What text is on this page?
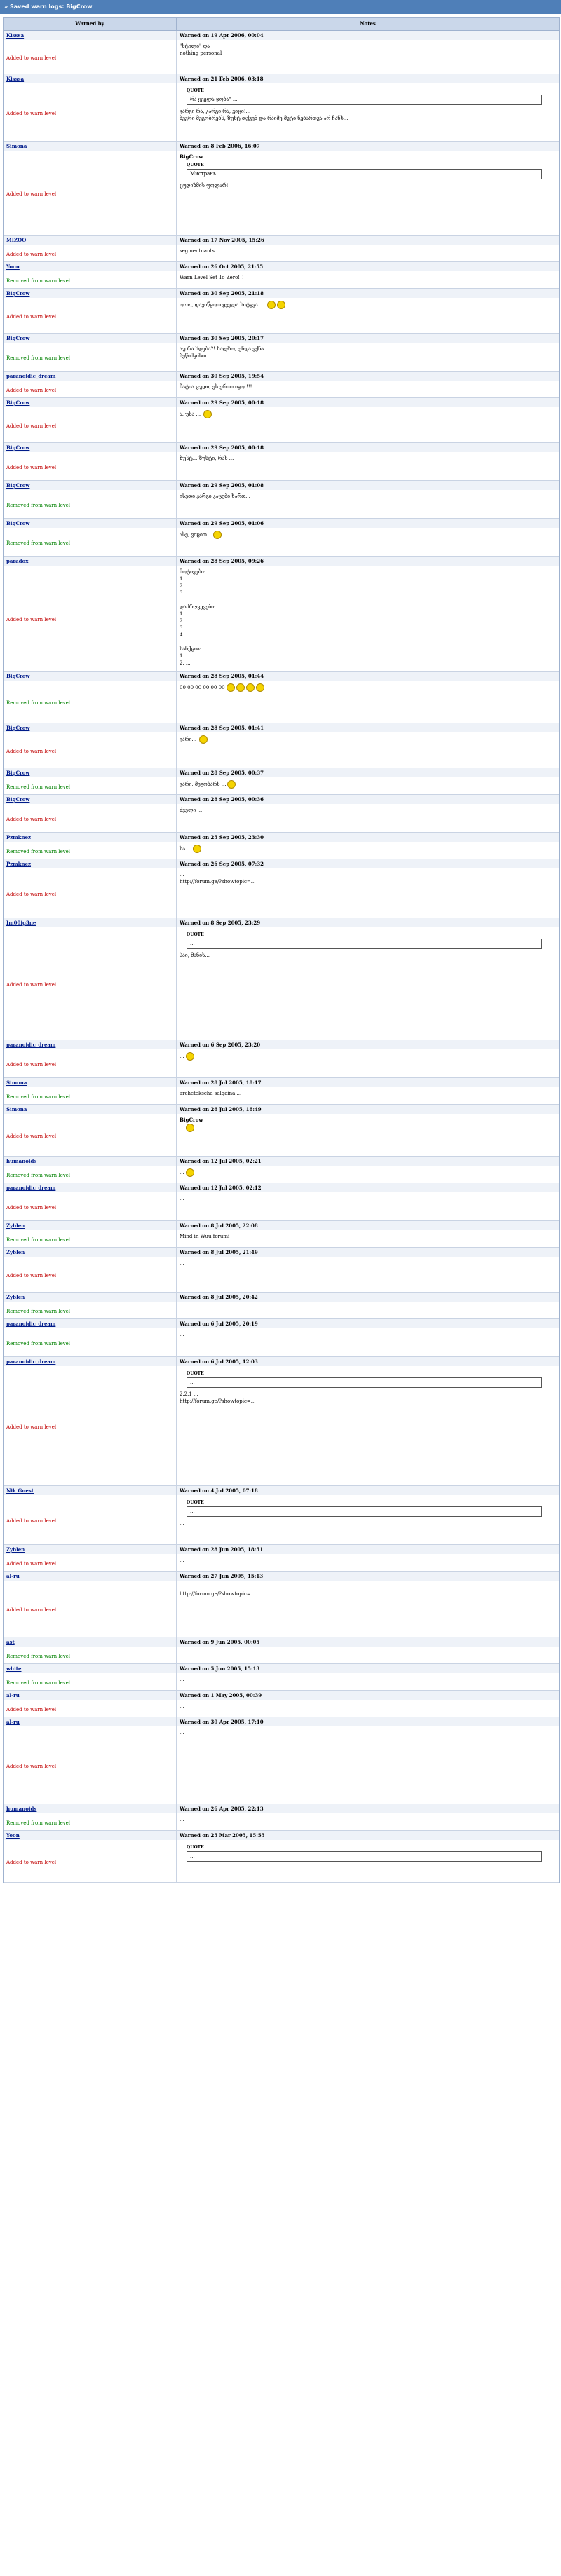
» Saved warn logs: BigCrow
Warned by	Notes
Kisssa	Warned on 19 Apr 2006, 00:04
Added to warn level
"სტილი" და
nothing personal
Kisssa	Warned on 21 Feb 2006, 03:18
Added to warn level
QUOTE
რა ყველა ჯობა" ...
კარგი რა, კარგი რა, ვიცი!...
ბევრი მეგობრებს, ზუსტ თქვენ და რაიმე მეტი ნებართვა არ ჩანს...
Simona	Warned on 8 Feb 2006, 16:07
Added to warn level
BigCrow
QUOTE
Мистрань ...
ცუდიზმის ფოლარ!
MIZOO	Warned on 17 Nov 2005, 15:26
Added to warn level
segmentnants
Yoon	Warned on 26 Oct 2005, 21:55
Removed from warn level
Warn Level Set To Zero!!!
BigCrow	Warned on 30 Sep 2005, 21:18
Added to warn level
ოოო, დავიწყოთ ყველა სიტყვა ...
BigCrow	Warned on 30 Sep 2005, 20:17
Removed from warn level
აუ რა ხდება?! ხალხო, უნდა ვქნა ...
ბეწიმკისთ...
paranoidic_dream	Warned on 30 Sep 2005, 19:54
Added to warn level
ჩატია ცუდი, ეს ერთი იყო !!!
BigCrow	Warned on 29 Sep 2005, 00:18
Added to warn level
ა. უსა ...
BigCrow	Warned on 29 Sep 2005, 00:18
Added to warn level
ზუსტ... ზუსტი, რას ...
BigCrow	Warned on 29 Sep 2005, 01:08
Removed from warn level
ისეთი კარგი კაცები ხართ...
BigCrow	Warned on 29 Sep 2005, 01:06
Removed from warn level
ასე, ვიცით...
paradox	Warned on 28 Sep 2005, 09:26
Added to warn level
მოტივები:
1. ...
2. ...
3. ...

დამრღვევები:
1. ...
2. ...
3. ...
4. ...

სანქცია:
1. ...
2. ...
BigCrow	Warned on 28 Sep 2005, 01:44
Removed from warn level
00 00 00 00 00 00
BigCrow	Warned on 28 Sep 2005, 01:41
Added to warn level
ვარი...
BigCrow	Warned on 28 Sep 2005, 00:37
Removed from warn level	ვარი, მეგობარს ...
BigCrow	Warned on 28 Sep 2005, 00:36
Added to warn level
ძველი ...
Pzmknez	Warned on 25 Sep 2005, 23:30
Removed from warn level	სა ...
Pzmknez	Warned on 26 Sep 2005, 07:32
Added to warn level
...
http://forum.ge/?showtopic=...
Im00ig3ne	Warned on 8 Sep 2005, 23:29
Added to warn level
QUOTE
...
ჰაი, მანის...
paranoidic_dream	Warned on 6 Sep 2005, 23:20
Added to warn level
...
Simona	Warned on 28 Jul 2005, 18:17
Removed from warn level
archetekscha salgaina ...
Simona	Warned on 26 Jul 2005, 16:49
Added to warn level
BigCrow
...
humanoids	Warned on 12 Jul 2005, 02:21
Removed from warn level	...
paranoidic_dream	Warned on 12 Jul 2005, 02:12
Added to warn level
...
Zyblen	Warned on 8 Jul 2005, 22:08
Removed from warn level
Mind in Wuu forumi
Zyblen	Warned on 8 Jul 2005, 21:49
Added to warn level
...
Zyblen	Warned on 8 Jul 2005, 20:42
Removed from warn level
...
paranoidic_dream	Warned on 6 Jul 2005, 20:19
Removed from warn level
...
paranoidic_dream	Warned on 6 Jul 2005, 12:03
Added to warn level
QUOTE
...
2.2.1 ...
http://forum.ge/?showtopic=...
Nik Guest	Warned on 4 Jul 2005, 07:18
Added to warn level
QUOTE
...
...
Zyblen	Warned on 28 Jun 2005, 18:51
Added to warn level
...
al-ru	Warned on 27 Jun 2005, 15:13
Added to warn level
...
http://forum.ge/?showtopic=...
ast	Warned on 9 Jun 2005, 00:05
Removed from warn level
...
white	Warned on 5 Jun 2005, 15:13
Removed from warn level
...
al-ru	Warned on 1 May 2005, 00:39
Added to warn level
...
al-ru	Warned on 30 Apr 2005, 17:10
Added to warn level
...
humanoids	Warned on 26 Apr 2005, 22:13
Removed from warn level
...
Yoon	Warned on 25 Mar 2005, 15:55
Added to warn level
QUOTE
...
...
